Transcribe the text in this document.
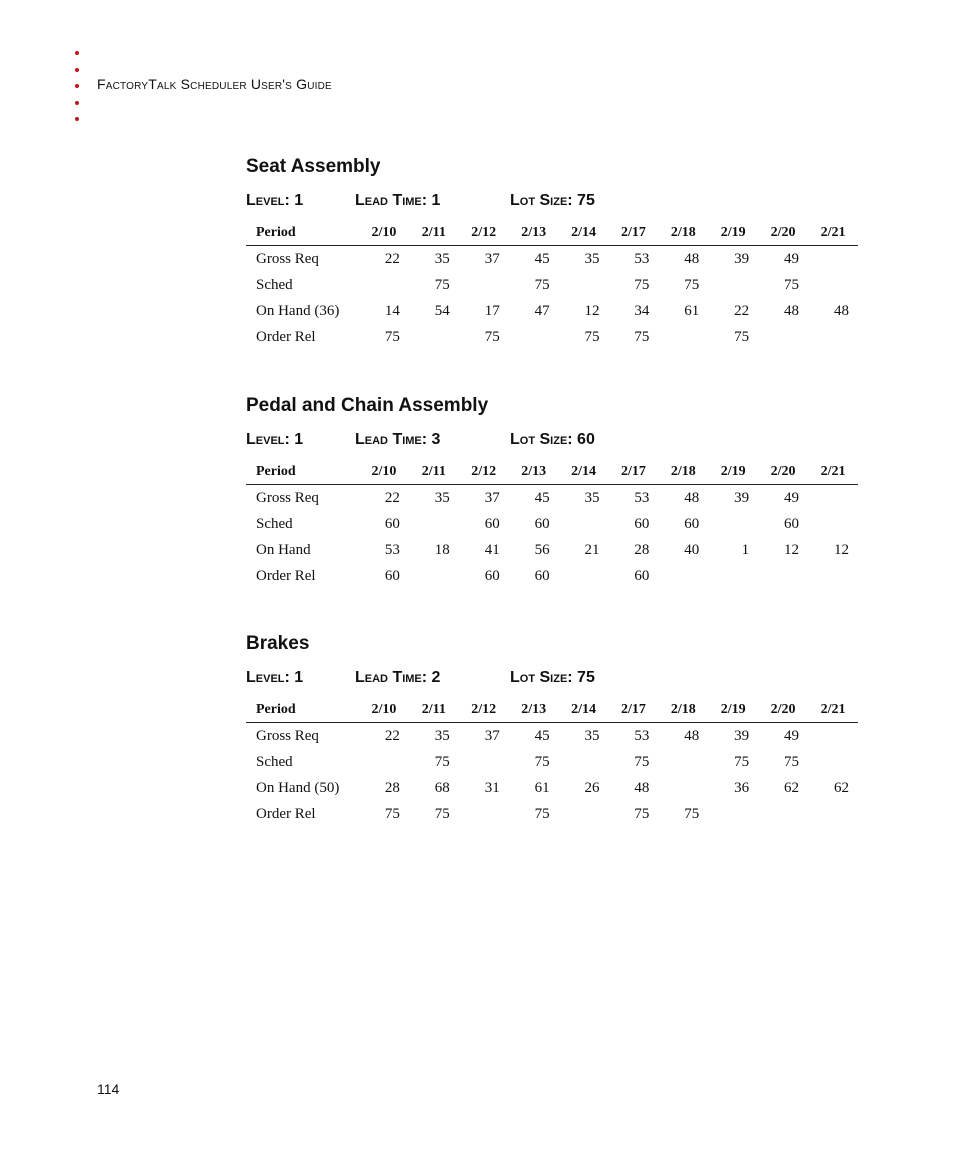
FactoryTalk Scheduler User's Guide
Seat Assembly
Level: 1	Lead Time: 1	Lot Size: 75
Period	2/10	2/11	2/12	2/13	2/14	2/17	2/18	2/19	2/20	2/21
Gross Req	22	35	37	45	35	53	48	39	49	
Sched		75		75		75	75		75	
On Hand (36)	14	54	17	47	12	34	61	22	48	48
Order Rel	75		75		75	75		75		
Pedal and Chain Assembly
Level: 1	Lead Time: 3	Lot Size: 60
Period	2/10	2/11	2/12	2/13	2/14	2/17	2/18	2/19	2/20	2/21
Gross Req	22	35	37	45	35	53	48	39	49	
Sched	60		60	60		60	60		60	
On Hand	53	18	41	56	21	28	40	1	12	12
Order Rel	60		60	60		60				
Brakes
Level: 1	Lead Time: 2	Lot Size: 75
Period	2/10	2/11	2/12	2/13	2/14	2/17	2/18	2/19	2/20	2/21
Gross Req	22	35	37	45	35	53	48	39	49	
Sched		75		75		75		75	75	
On Hand (50)	28	68	31	61	26	48		36	62	62
Order Rel	75	75		75		75	75			
114
